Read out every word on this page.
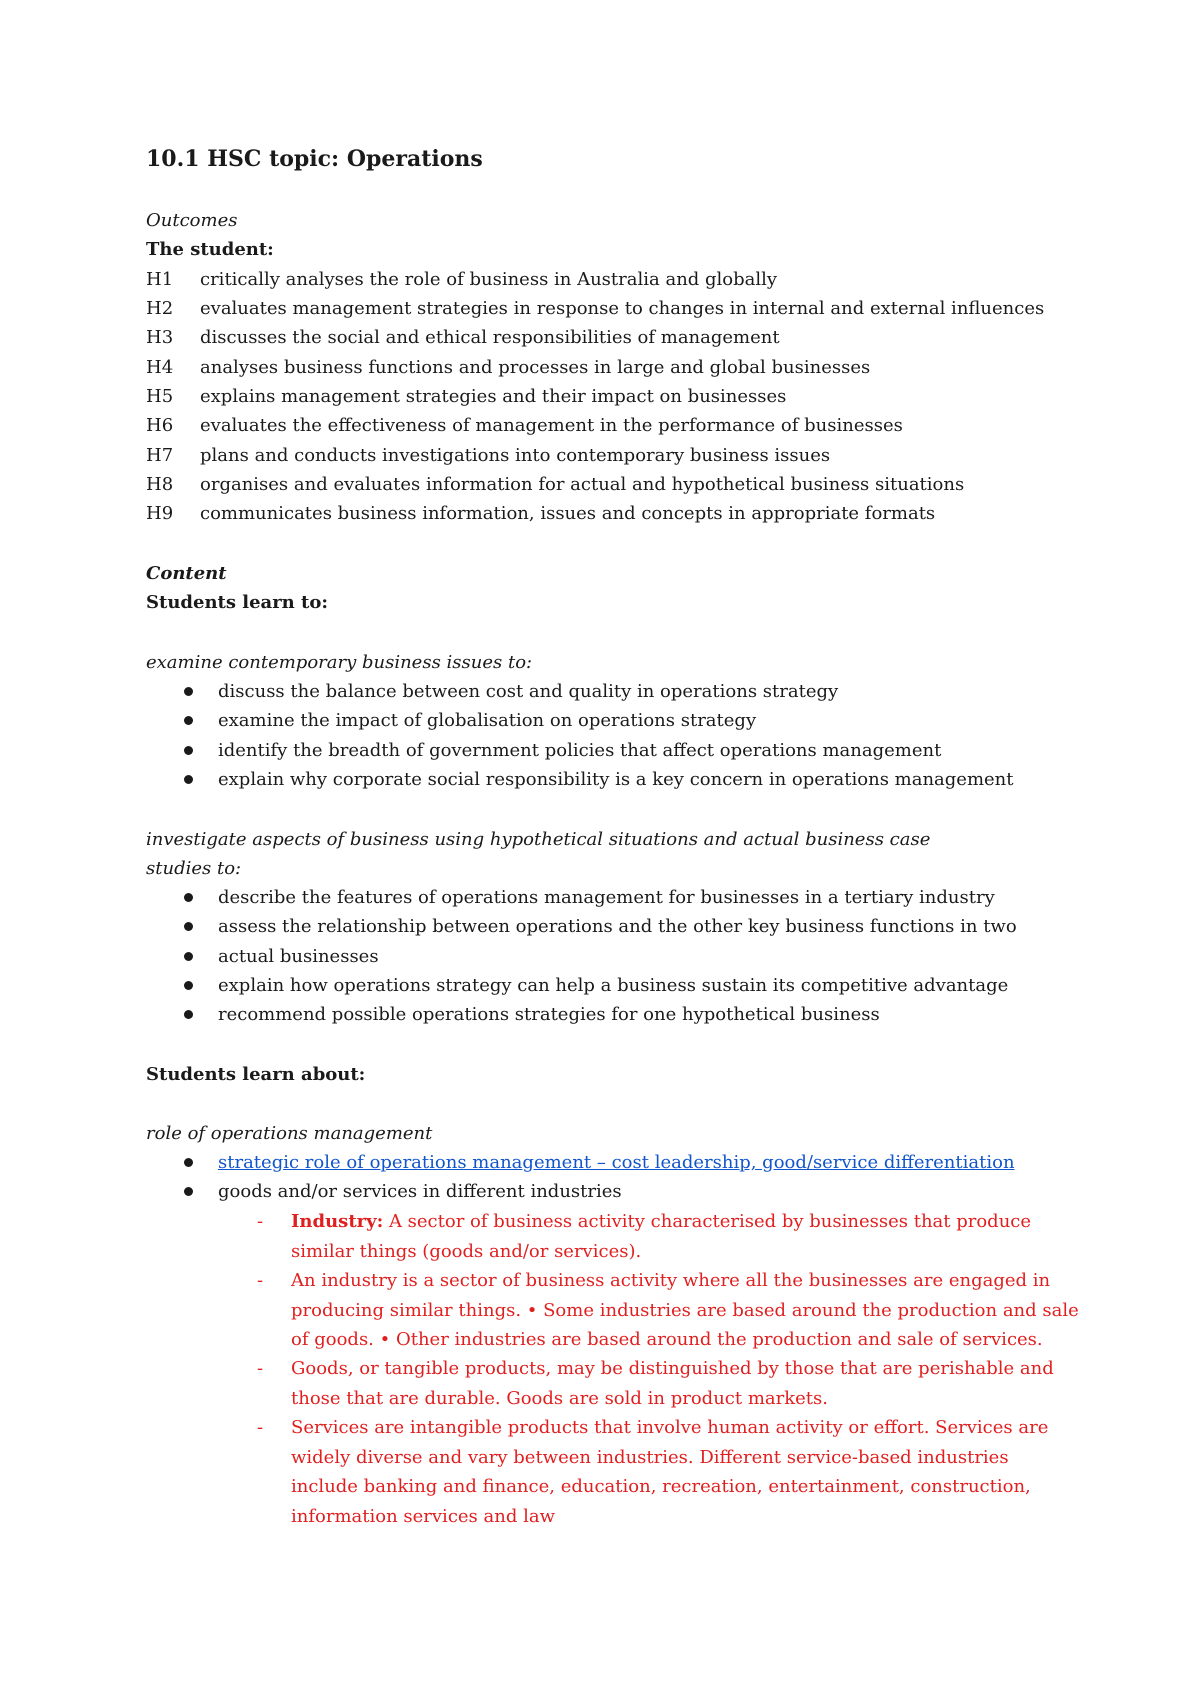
10.1 HSC topic: Operations
Outcomes
The student:
H1 critically analyses the role of business in Australia and globally
H2 evaluates management strategies in response to changes in internal and external influences
H3 discusses the social and ethical responsibilities of management
H4 analyses business functions and processes in large and global businesses
H5 explains management strategies and their impact on businesses
H6 evaluates the effectiveness of management in the performance of businesses
H7 plans and conducts investigations into contemporary business issues
H8 organises and evaluates information for actual and hypothetical business situations
H9 communicates business information, issues and concepts in appropriate formats
Content
Students learn to:
examine contemporary business issues to:
discuss the balance between cost and quality in operations strategy
examine the impact of globalisation on operations strategy
identify the breadth of government policies that affect operations management
explain why corporate social responsibility is a key concern in operations management
investigate aspects of business using hypothetical situations and actual business case
studies to:
describe the features of operations management for businesses in a tertiary industry
assess the relationship between operations and the other key business functions in two
actual businesses
explain how operations strategy can help a business sustain its competitive advantage
recommend possible operations strategies for one hypothetical business
Students learn about:
role of operations management
strategic role of operations management – cost leadership, good/service differentiation
goods and/or services in different industries
- Industry: A sector of business activity characterised by businesses that produce similar things (goods and/or services).
- An industry is a sector of business activity where all the businesses are engaged in producing similar things. • Some industries are based around the production and sale of goods. • Other industries are based around the production and sale of services.
- Goods, or tangible products, may be distinguished by those that are perishable and those that are durable. Goods are sold in product markets.
- Services are intangible products that involve human activity or effort. Services are widely diverse and vary between industries. Different service-based industries include banking and finance, education, recreation, entertainment, construction, information services and law
